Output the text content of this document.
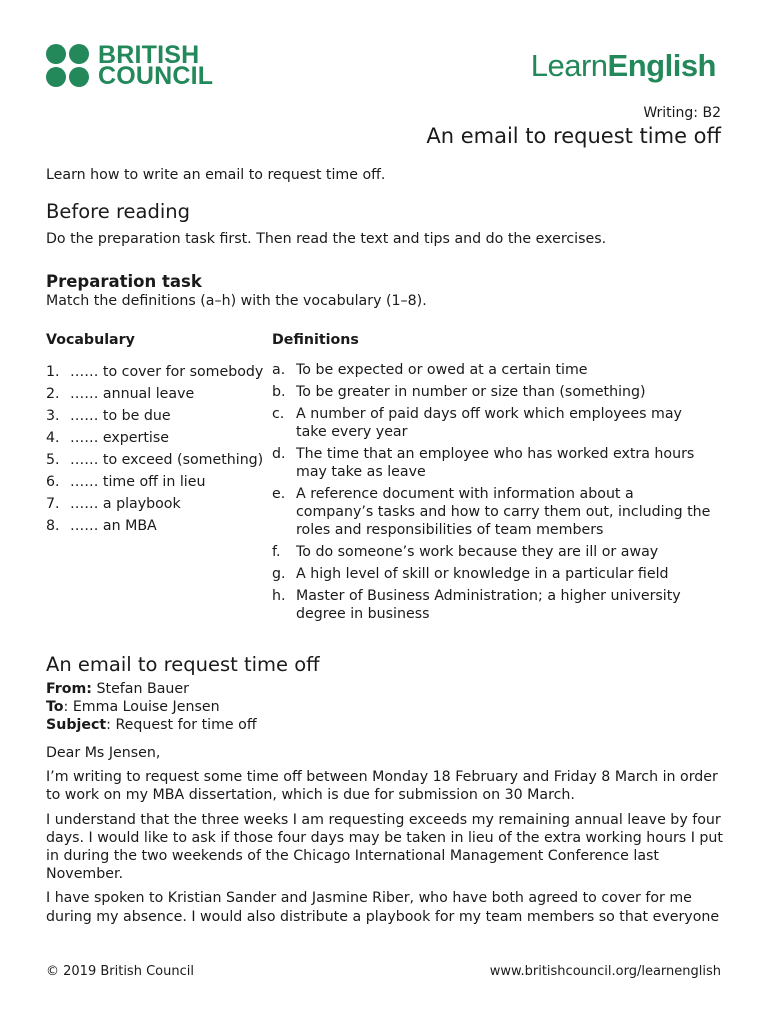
BRITISH
COUNCIL	LearnEnglish
Writing: B2
An email to request time off
Learn how to write an email to request time off.
Before reading
Do the preparation task first. Then read the text and tips and do the exercises.
Preparation task
Match the definitions (a–h) with the vocabulary (1–8).
Vocabulary	Definitions
1. …… to cover for somebody
2. …… annual leave
3. …… to be due
4. …… expertise
5. …… to exceed (something)
6. …… time off in lieu
7. …… a playbook
8. …… an MBA
a. To be expected or owed at a certain time
b. To be greater in number or size than (something)
c. A number of paid days off work which employees may take every year
d. The time that an employee who has worked extra hours may take as leave
e. A reference document with information about a company’s tasks and how to carry them out, including the roles and responsibilities of team members
f.	To do someone’s work because they are ill or away
g. A high level of skill or knowledge in a particular field
h. Master of Business Administration; a higher university degree in business
An email to request time off
From: Stefan Bauer
To: Emma Louise Jensen
Subject: Request for time off

Dear Ms Jensen,

I’m writing to request some time off between Monday 18 February and Friday 8 March in order to work on my MBA dissertation, which is due for submission on 30 March.

I understand that the three weeks I am requesting exceeds my remaining annual leave by four days. I would like to ask if those four days may be taken in lieu of the extra working hours I put in during the two weekends of the Chicago International Management Conference last November.

I have spoken to Kristian Sander and Jasmine Riber, who have both agreed to cover for me during my absence. I would also distribute a playbook for my team members so that everyone

© 2019 British Council	www.britishcouncil.org/learnenglish
